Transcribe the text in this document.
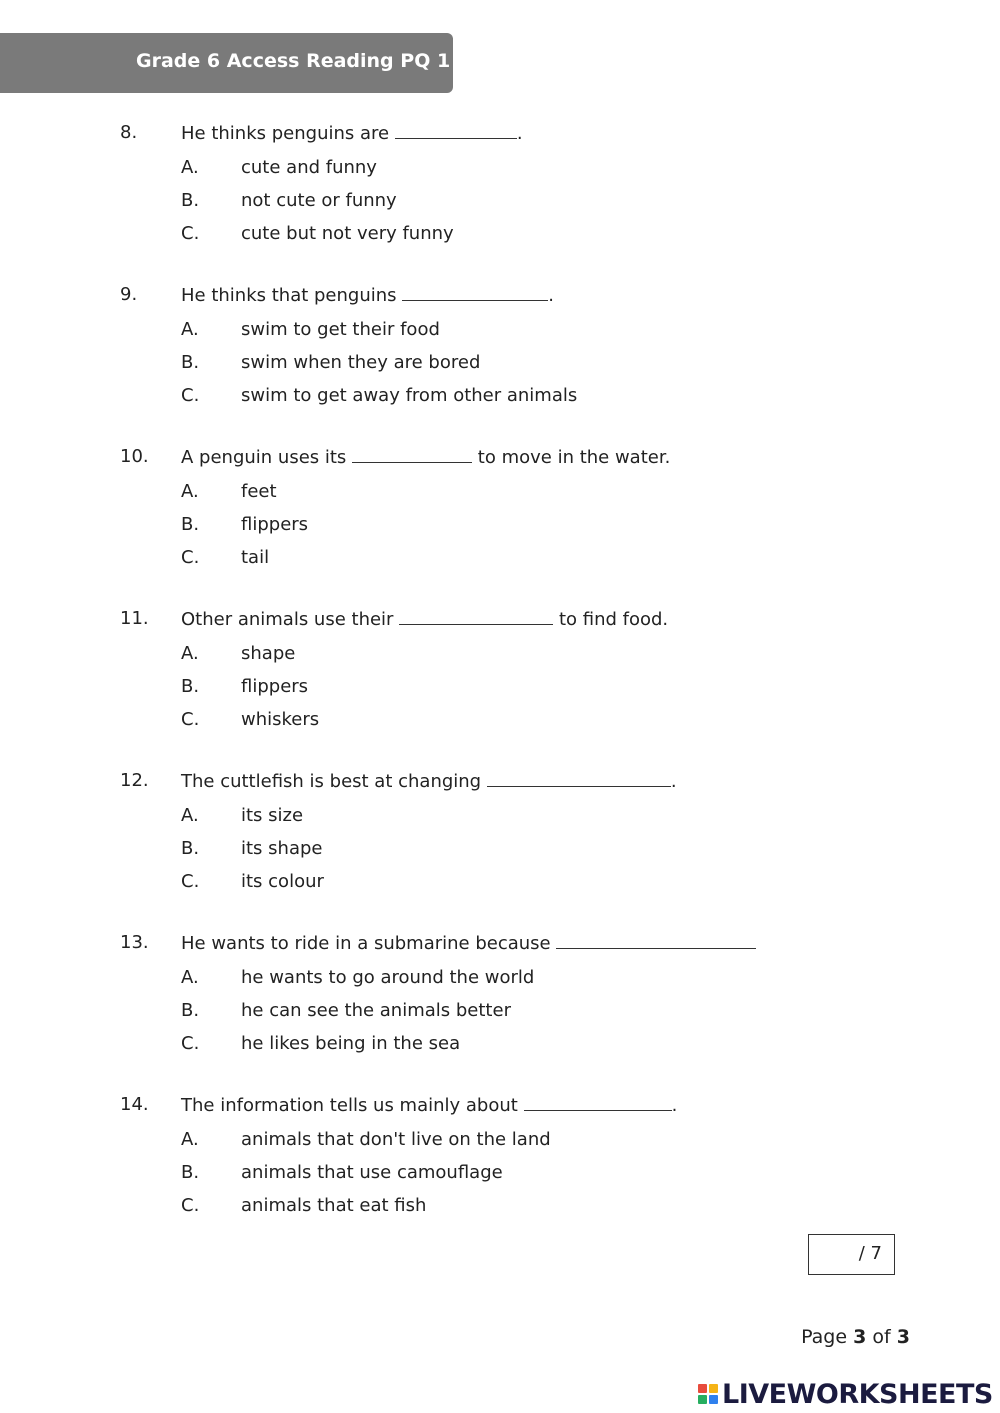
Grade 6 Access Reading PQ 1
8. He thinks penguins are	.
A. cute and funny
B. not cute or funny
C. cute but not very funny
9. He thinks that penguins	.
A. swim to get their food
B. swim when they are bored
C. swim to get away from other animals
10. A penguin uses its	to move in the water.
A. feet
B. flippers
C. tail
11. Other animals use their	to find food.
A. shape
B. flippers
C. whiskers
12. The cuttlefish is best at changing	.
A. its size
B. its shape
C. its colour
13. He wants to ride in a submarine because
A. he wants to go around the world
B. he can see the animals better
C. he likes being in the sea
14. The information tells us mainly about	.
A. animals that don't live on the land
B. animals that use camouflage
C. animals that eat fish
/ 7
Page 3 of 3
LIVEWORKSHEETS
